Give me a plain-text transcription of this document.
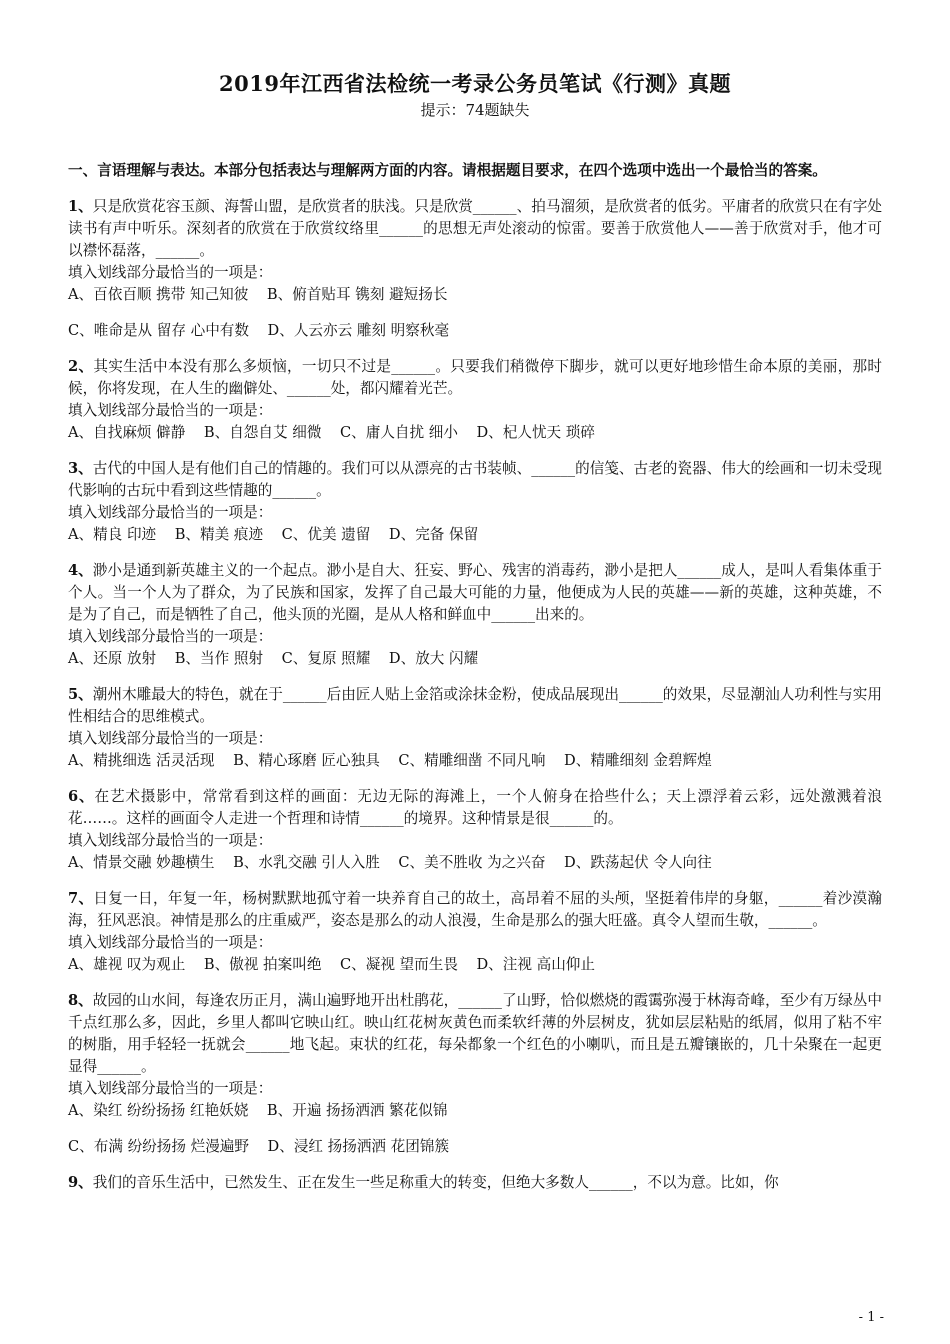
2019年江西省法检统一考录公务员笔试《行测》真题
提示：74题缺失

一、言语理解与表达。本部分包括表达与理解两方面的内容。请根据题目要求，在四个选项中选出一个最恰当的答案。

1、只是欣赏花容玉颜、海誓山盟，是欣赏者的肤浅。只是欣赏______、拍马溜须，是欣赏者的低劣。平庸者的欣赏只在有字处读书有声中听乐。深刻者的欣赏在于欣赏纹络里______的思想无声处滚动的惊雷。要善于欣赏他人——善于欣赏对手，他才可以襟怀磊落，______。

填入划线部分最恰当的一项是：

A、百依百顺 携带 知己知彼    B、俯首贴耳 镌刻 避短扬长

C、唯命是从 留存 心中有数    D、人云亦云 雕刻 明察秋毫

2、其实生活中本没有那么多烦恼，一切只不过是______。只要我们稍微停下脚步，就可以更好地珍惜生命本原的美丽，那时候，你将发现，在人生的幽僻处、______处，都闪耀着光芒。

填入划线部分最恰当的一项是：

A、自找麻烦 僻静    B、自怨自艾 细微    C、庸人自扰 细小    D、杞人忧天 琐碎

3、古代的中国人是有他们自己的情趣的。我们可以从漂亮的古书装帧、______的信笺、古老的瓷器、伟大的绘画和一切未受现代影响的古玩中看到这些情趣的______。

填入划线部分最恰当的一项是：

A、精良 印迹    B、精美 痕迹    C、优美 遗留    D、完备 保留

4、渺小是通到新英雄主义的一个起点。渺小是自大、狂妄、野心、残害的消毒药，渺小是把人______成人，是叫人看集体重于个人。当一个人为了群众，为了民族和国家，发挥了自己最大可能的力量，他便成为人民的英雄——新的英雄，这种英雄，不是为了自己，而是牺牲了自己，他头顶的光圈，是从人格和鲜血中______出来的。

填入划线部分最恰当的一项是：

A、还原 放射    B、当作 照射    C、复原 照耀    D、放大 闪耀

5、潮州木雕最大的特色，就在于______后由匠人贴上金箔或涂抹金粉，使成品展现出______的效果，尽显潮汕人功利性与实用性相结合的思维模式。

填入划线部分最恰当的一项是：

A、精挑细选 活灵活现    B、精心琢磨 匠心独具    C、精雕细凿 不同凡响    D、精雕细刻 金碧辉煌

6、在艺术摄影中，常常看到这样的画面：无边无际的海滩上，一个人俯身在拾些什么；天上漂浮着云彩，远处激溅着浪花……。这样的画面令人走进一个哲理和诗情______的境界。这种情景是很______的。

填入划线部分最恰当的一项是：

A、情景交融 妙趣横生    B、水乳交融 引人入胜    C、美不胜收 为之兴奋    D、跌荡起伏 令人向往

7、日复一日，年复一年，杨树默默地孤守着一块养育自己的故土，高昂着不屈的头颅，坚挺着伟岸的身躯，______着沙漠瀚海，狂风恶浪。神情是那么的庄重威严，姿态是那么的动人浪漫，生命是那么的强大旺盛。真令人望而生敬，______。

填入划线部分最恰当的一项是：

A、雄视 叹为观止    B、傲视 拍案叫绝    C、凝视 望而生畏    D、注视 高山仰止

8、故园的山水间，每逢农历正月，满山遍野地开出杜鹃花，______了山野，恰似燃烧的霞霭弥漫于林海奇峰，至少有万绿丛中千点红那么多，因此，乡里人都叫它映山红。映山红花树灰黄色而柔软纤薄的外层树皮，犹如层层粘贴的纸屑，似用了粘不牢的树脂，用手轻轻一抚就会______地飞起。束状的红花，每朵都象一个红色的小喇叭，而且是五瓣镶嵌的，几十朵聚在一起更显得______。

填入划线部分最恰当的一项是：

A、染红 纷纷扬扬 红艳妖娆    B、开遍 扬扬洒洒 繁花似锦

C、布满 纷纷扬扬 烂漫遍野    D、浸红 扬扬洒洒 花团锦簇

9、我们的音乐生活中，已然发生、正在发生一些足称重大的转变，但绝大多数人______，不以为意。比如，你

- 1 -
